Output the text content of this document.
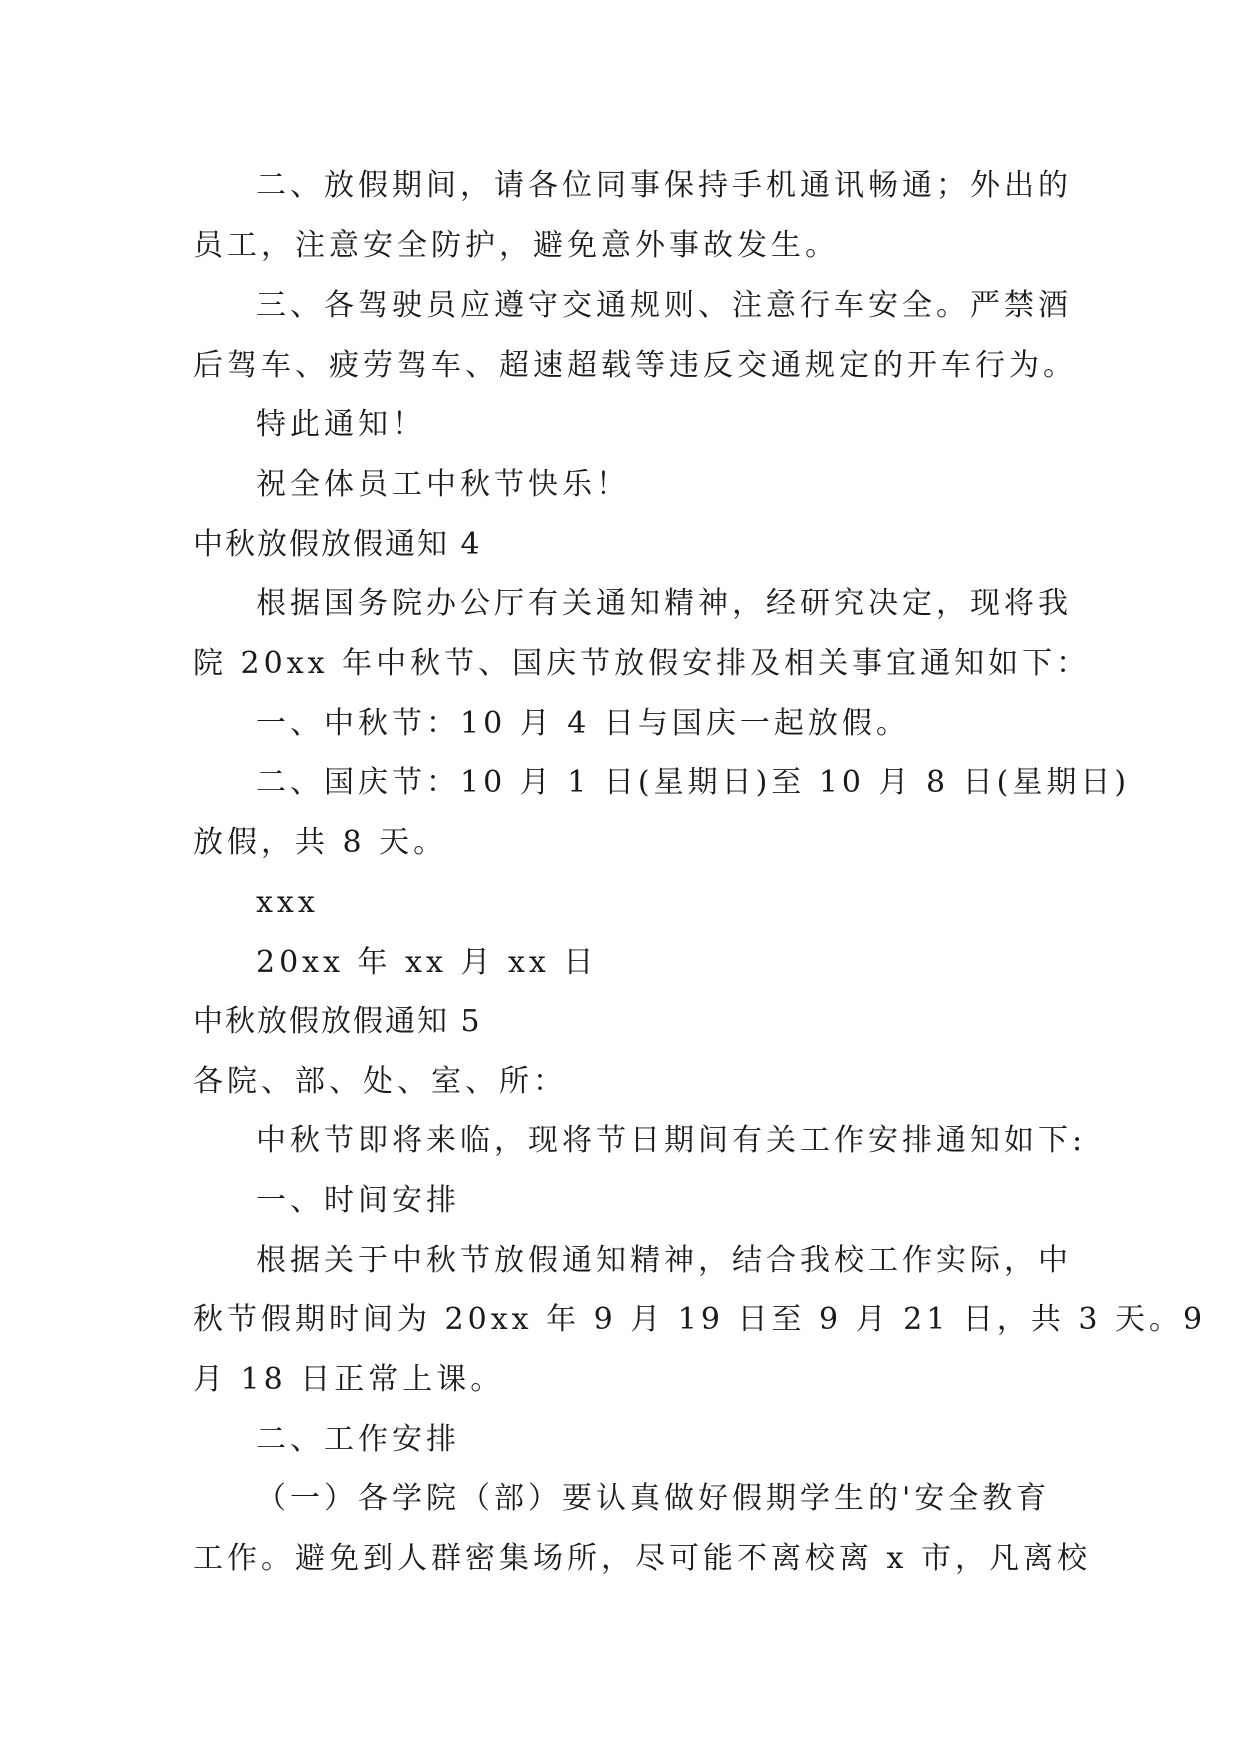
二、放假期间，请各位同事保持手机通讯畅通；外出的
员工，注意安全防护，避免意外事故发生。
三、各驾驶员应遵守交通规则、注意行车安全。严禁酒
后驾车、疲劳驾车、超速超载等违反交通规定的开车行为。
特此通知！
祝全体员工中秋节快乐！
中秋放假放假通知 4
根据国务院办公厅有关通知精神，经研究决定，现将我
院 20xx 年中秋节、国庆节放假安排及相关事宜通知如下：
一、中秋节：10 月 4 日与国庆一起放假。
二、国庆节：10 月 1 日(星期日)至 10 月 8 日(星期日)
放假，共 8 天。
xxx
20xx 年 xx 月 xx 日
中秋放假放假通知 5
各院、部、处、室、所：
中秋节即将来临，现将节日期间有关工作安排通知如下:
一、时间安排
根据关于中秋节放假通知精神，结合我校工作实际，中
秋节假期时间为 20xx 年 9 月 19 日至 9 月 21 日，共 3 天。9
月 18 日正常上课。
二、工作安排
（一）各学院（部）要认真做好假期学生的'安全教育
工作。避免到人群密集场所，尽可能不离校离 x 市，凡离校
